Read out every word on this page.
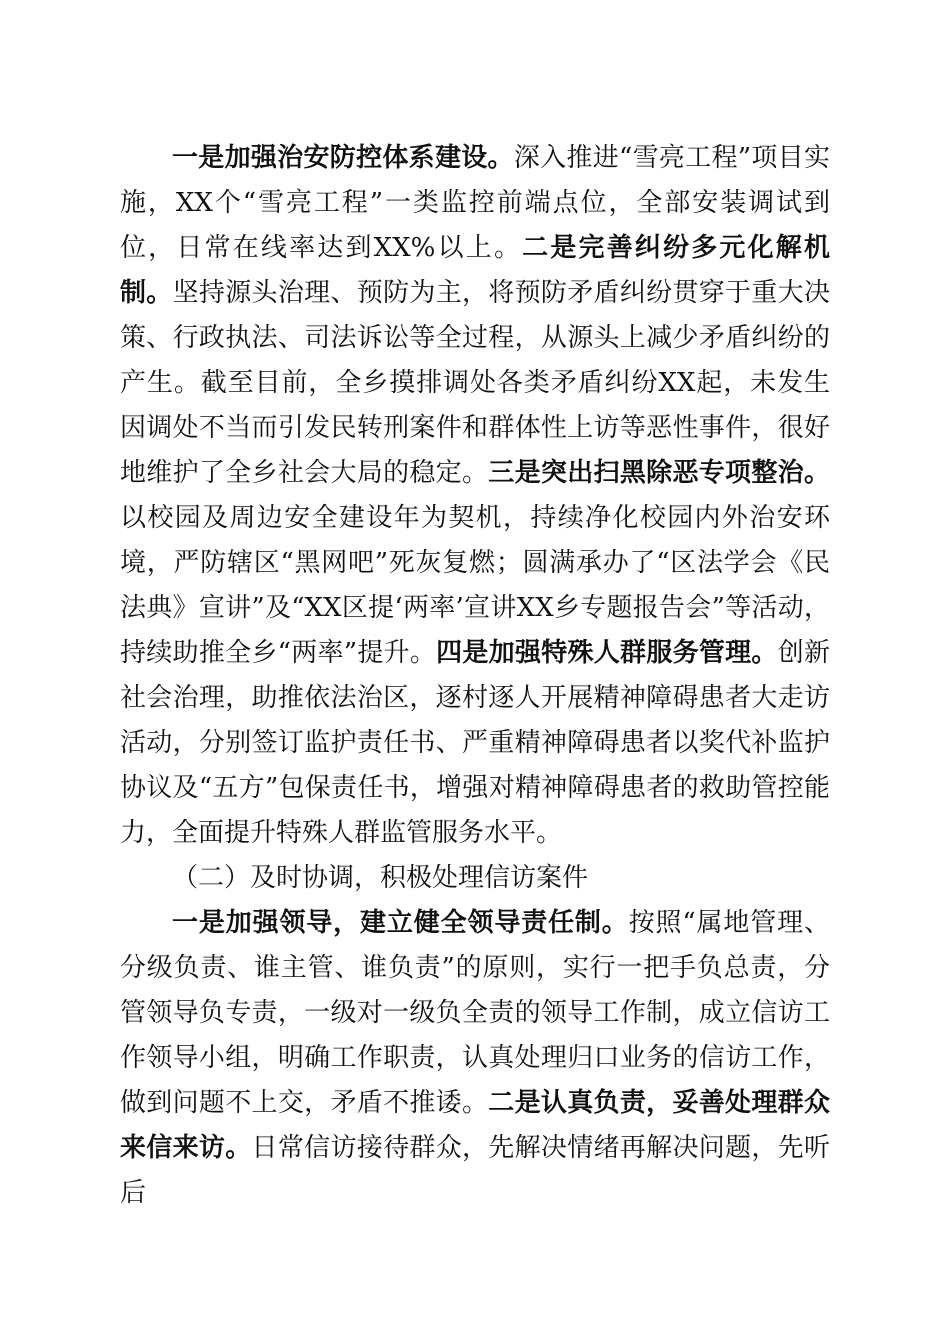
一是加强治安防控体系建设。深入推进“雪亮工程”项目实施，XX个“雪亮工程”一类监控前端点位，全部安装调试到位，日常在线率达到XX%以上。二是完善纠纷多元化解机制。坚持源头治理、预防为主，将预防矛盾纠纷贯穿于重大决策、行政执法、司法诉讼等全过程，从源头上减少矛盾纠纷的产生。截至目前，全乡摸排调处各类矛盾纠纷XX起，未发生因调处不当而引发民转刑案件和群体性上访等恶性事件，很好地维护了全乡社会大局的稳定。三是突出扫黑除恶专项整治。以校园及周边安全建设年为契机，持续净化校园内外治安环境，严防辖区“黑网吧”死灰复燃；圆满承办了“区法学会《民法典》宣讲”及“XX区提‘两率’宣讲XX乡专题报告会”等活动，持续助推全乡“两率”提升。四是加强特殊人群服务管理。创新社会治理，助推依法治区，逐村逐人开展精神障碍患者大走访活动，分别签订监护责任书、严重精神障碍患者以奖代补监护协议及“五方”包保责任书，增强对精神障碍患者的救助管控能力，全面提升特殊人群监管服务水平。

（二）及时协调，积极处理信访案件

一是加强领导，建立健全领导责任制。按照“属地管理、分级负责、谁主管、谁负责”的原则，实行一把手负总责，分管领导负专责，一级对一级负全责的领导工作制，成立信访工作领导小组，明确工作职责，认真处理归口业务的信访工作，做到问题不上交，矛盾不推诿。二是认真负责，妥善处理群众来信来访。日常信访接待群众，先解决情绪再解决问题，先听后
